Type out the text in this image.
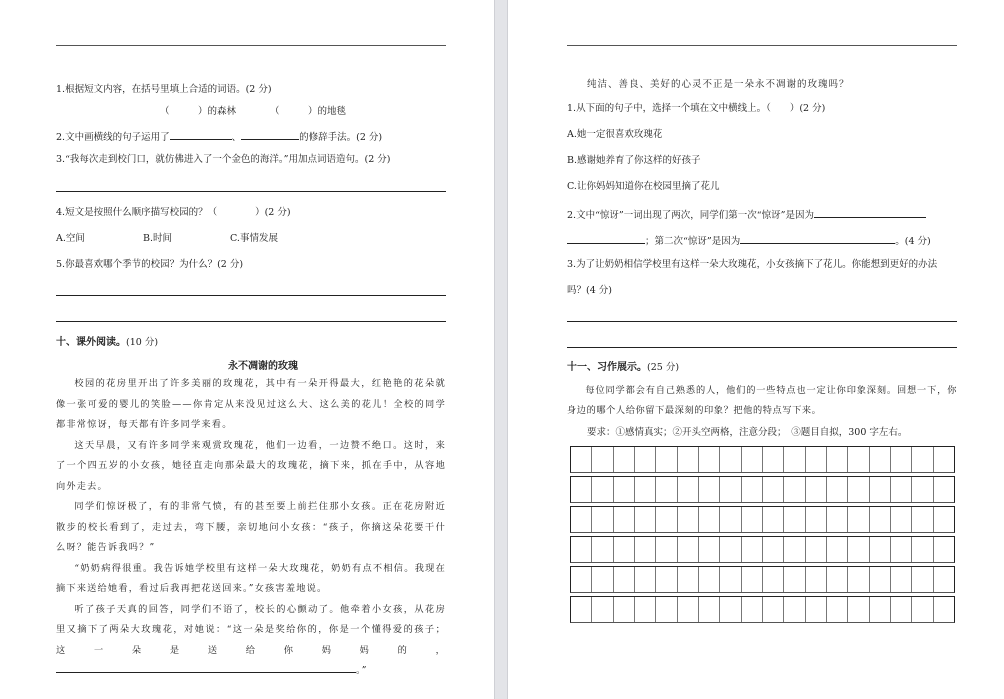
1.根据短文内容，在括号里填上合适的词语。(2 分)
（　　　）的森林	（　　　）的地毯
2.文中画横线的句子运用了	、	的修辞手法。(2 分)
3.“我每次走到校门口，就仿佛进入了一个金色的海洋。”用加点词语造句。(2 分)
4.短文是按照什么顺序描写校园的？（　　　　）(2 分)
A.空间	B.时间	C.事情发展
5.你最喜欢哪个季节的校园？为什么？(2 分)
十、课外阅读。(10 分)
永不凋谢的玫瑰
校园的花房里开出了许多美丽的玫瑰花，其中有一朵开得最大，红艳艳的花朵就像一张可爱的婴儿的笑脸——你肯定从来没见过这么大、这么美的花儿！全校的同学都非常惊讶，每天都有许多同学来看。
这天早晨，又有许多同学来观赏玫瑰花，他们一边看，一边赞不绝口。这时，来了一个四五岁的小女孩，她径直走向那朵最大的玫瑰花，摘下来，抓在手中，从容地向外走去。
同学们惊讶极了，有的非常气愤，有的甚至要上前拦住那小女孩。正在花房附近散步的校长看到了，走过去，弯下腰，亲切地问小女孩：“孩子，你摘这朵花要干什么呀？能告诉我吗？”
“奶奶病得很重。我告诉她学校里有这样一朵大玫瑰花，奶奶有点不相信。我现在摘下来送给她看，看过后我再把花送回来。”女孩害羞地说。
听了孩子天真的回答，同学们不语了，校长的心颤动了。他牵着小女孩，从花房里又摘下了两朵大玫瑰花，对她说：“这一朵是奖给你的，你是一个懂得爱的孩子；这一朵是送给你妈妈的，。”
纯洁、善良、美好的心灵不正是一朵永不凋谢的玫瑰吗？
1.从下面的句子中，选择一个填在文中横线上。（　　）(2 分)
A.她一定很喜欢玫瑰花
B.感谢她养育了你这样的好孩子
C.让你妈妈知道你在校园里摘了花儿
2.文中“惊讶”一词出现了两次，同学们第一次“惊讶”是因为
；第二次“惊讶”是因为	。(4 分)
3.为了让奶奶相信学校里有这样一朵大玫瑰花，小女孩摘下了花儿。你能想到更好的办法
吗？(4 分)
十一、习作展示。(25 分)
每位同学都会有自己熟悉的人，他们的一些特点也一定让你印象深刻。回想一下，你身边的哪个人给你留下最深刻的印象？把他的特点写下来。
要求：①感情真实；②开头空两格，注意分段；　③题目自拟，300 字左右。
